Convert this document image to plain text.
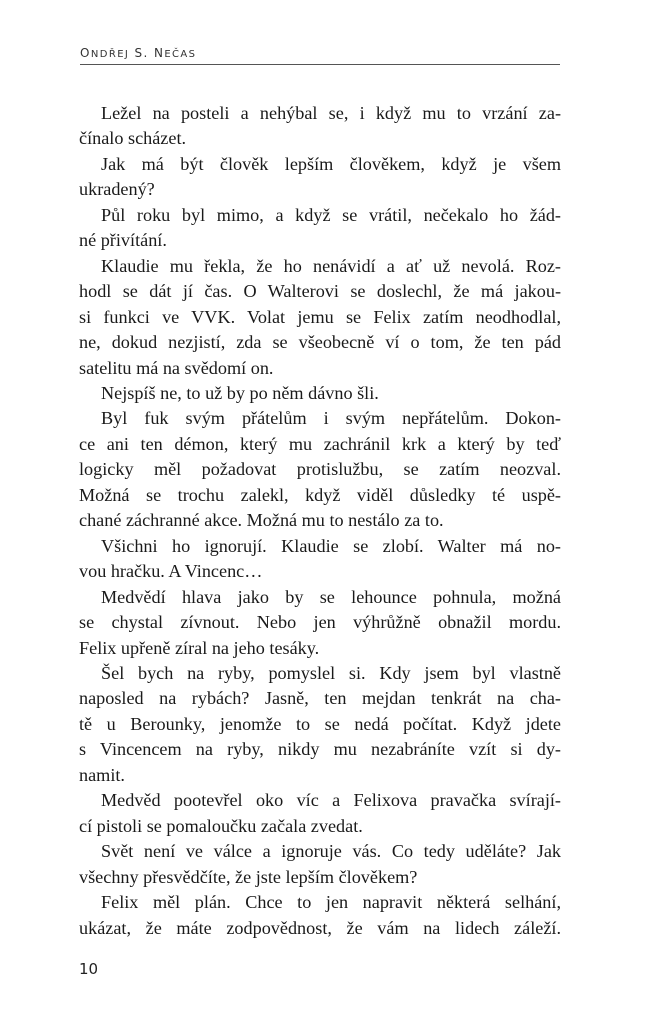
ONDŘEJ S. NEČAS
Ležel na posteli a nehýbal se, i když mu to vrzání za-
čínalo scházet.
Jak má být člověk lepším člověkem, když je všem
ukradený?
Půl roku byl mimo, a když se vrátil, nečekalo ho žád-
né přivítání.
Klaudie mu řekla, že ho nenávidí a ať už nevolá. Roz-
hodl se dát jí čas. O Walterovi se doslechl, že má jakou-
si funkci ve VVK. Volat jemu se Felix zatím neodhodlal,
ne, dokud nezjistí, zda se všeobecně ví o tom, že ten pád
satelitu má na svědomí on.
Nejspíš ne, to už by po něm dávno šli.
Byl fuk svým přátelům i svým nepřátelům. Dokon-
ce ani ten démon, který mu zachránil krk a který by teď
logicky měl požadovat protislužbu, se zatím neozval.
Možná se trochu zalekl, když viděl důsledky té uspě-
chané záchranné akce. Možná mu to nestálo za to.
Všichni ho ignorují. Klaudie se zlobí. Walter má no-
vou hračku. A Vincenc…
Medvědí hlava jako by se lehounce pohnula, možná
se chystal zívnout. Nebo jen výhrůžně obnažil mordu.
Felix upřeně zíral na jeho tesáky.
Šel bych na ryby, pomyslel si. Kdy jsem byl vlastně
naposled na rybách? Jasně, ten mejdan tenkrát na cha-
tě u Berounky, jenomže to se nedá počítat. Když jdete
s Vincencem na ryby, nikdy mu nezabráníte vzít si dy-
namit.
Medvěd pootevřel oko víc a Felixova pravačka svírají-
cí pistoli se pomaloučku začala zvedat.
Svět není ve válce a ignoruje vás. Co tedy uděláte? Jak
všechny přesvědčíte, že jste lepším člověkem?
Felix měl plán. Chce to jen napravit některá selhání,
ukázat, že máte zodpovědnost, že vám na lidech záleží.
10
